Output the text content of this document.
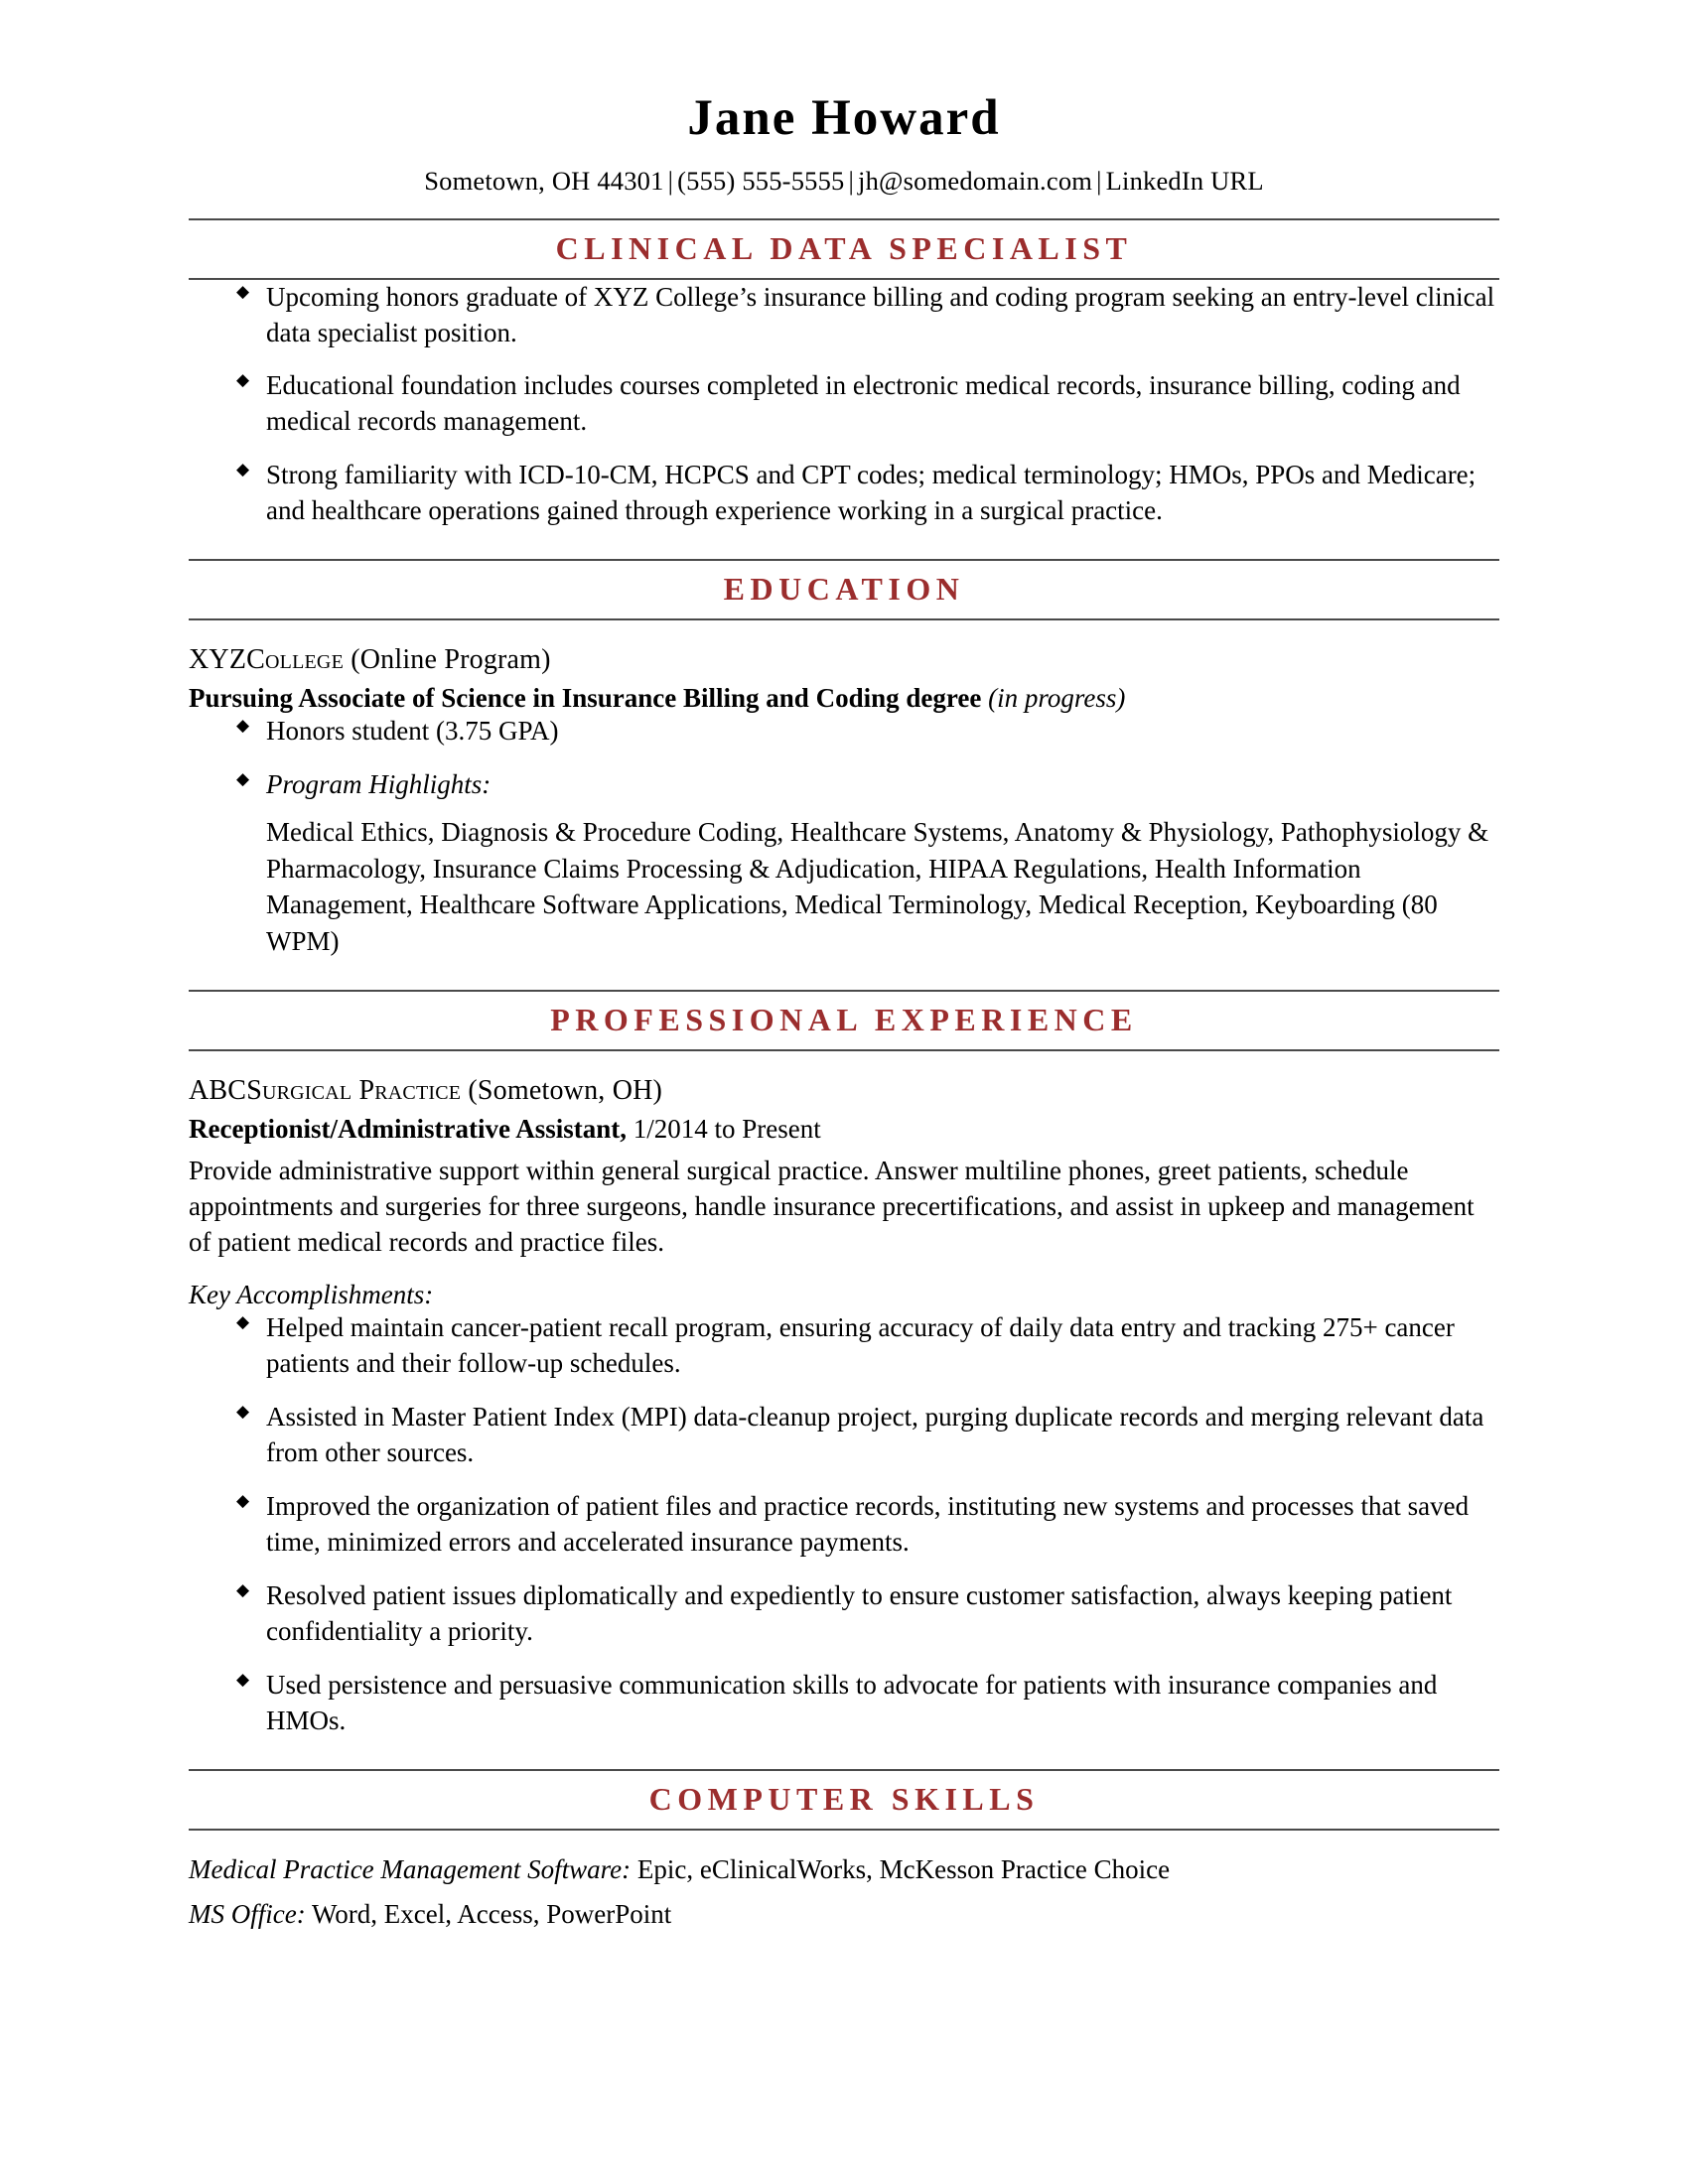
Jane Howard
Sometown, OH 44301 | (555) 555-5555 | jh@somedomain.com | LinkedIn URL
CLINICAL DATA SPECIALIST
◆ Upcoming honors graduate of XYZ College’s insurance billing and coding program seeking an entry-level clinical data specialist position.
◆ Educational foundation includes courses completed in electronic medical records, insurance billing, coding and medical records management.
◆ Strong familiarity with ICD-10-CM, HCPCS and CPT codes; medical terminology; HMOs, PPOs and Medicare; and healthcare operations gained through experience working in a surgical practice.
EDUCATION
XYZCollege (Online Program)
Pursuing Associate of Science in Insurance Billing and Coding degree (in progress)
◆ Honors student (3.75 GPA)
◆ Program Highlights:
Medical Ethics, Diagnosis & Procedure Coding, Healthcare Systems, Anatomy & Physiology, Pathophysiology & Pharmacology, Insurance Claims Processing & Adjudication, HIPAA Regulations, Health Information Management, Healthcare Software Applications, Medical Terminology, Medical Reception, Keyboarding (80 WPM)
PROFESSIONAL EXPERIENCE
ABCSurgical Practice (Sometown, OH)
Receptionist/Administrative Assistant, 1/2014 to Present
Provide administrative support within general surgical practice. Answer multiline phones, greet patients, schedule appointments and surgeries for three surgeons, handle insurance precertifications, and assist in upkeep and management of patient medical records and practice files.
Key Accomplishments:
◆ Helped maintain cancer-patient recall program, ensuring accuracy of daily data entry and tracking 275+ cancer patients and their follow-up schedules.
◆ Assisted in Master Patient Index (MPI) data-cleanup project, purging duplicate records and merging relevant data from other sources.
◆ Improved the organization of patient files and practice records, instituting new systems and processes that saved time, minimized errors and accelerated insurance payments.
◆ Resolved patient issues diplomatically and expediently to ensure customer satisfaction, always keeping patient confidentiality a priority.
◆ Used persistence and persuasive communication skills to advocate for patients with insurance companies and HMOs.
COMPUTER SKILLS
Medical Practice Management Software: Epic, eClinicalWorks, McKesson Practice Choice
MS Office: Word, Excel, Access, PowerPoint
